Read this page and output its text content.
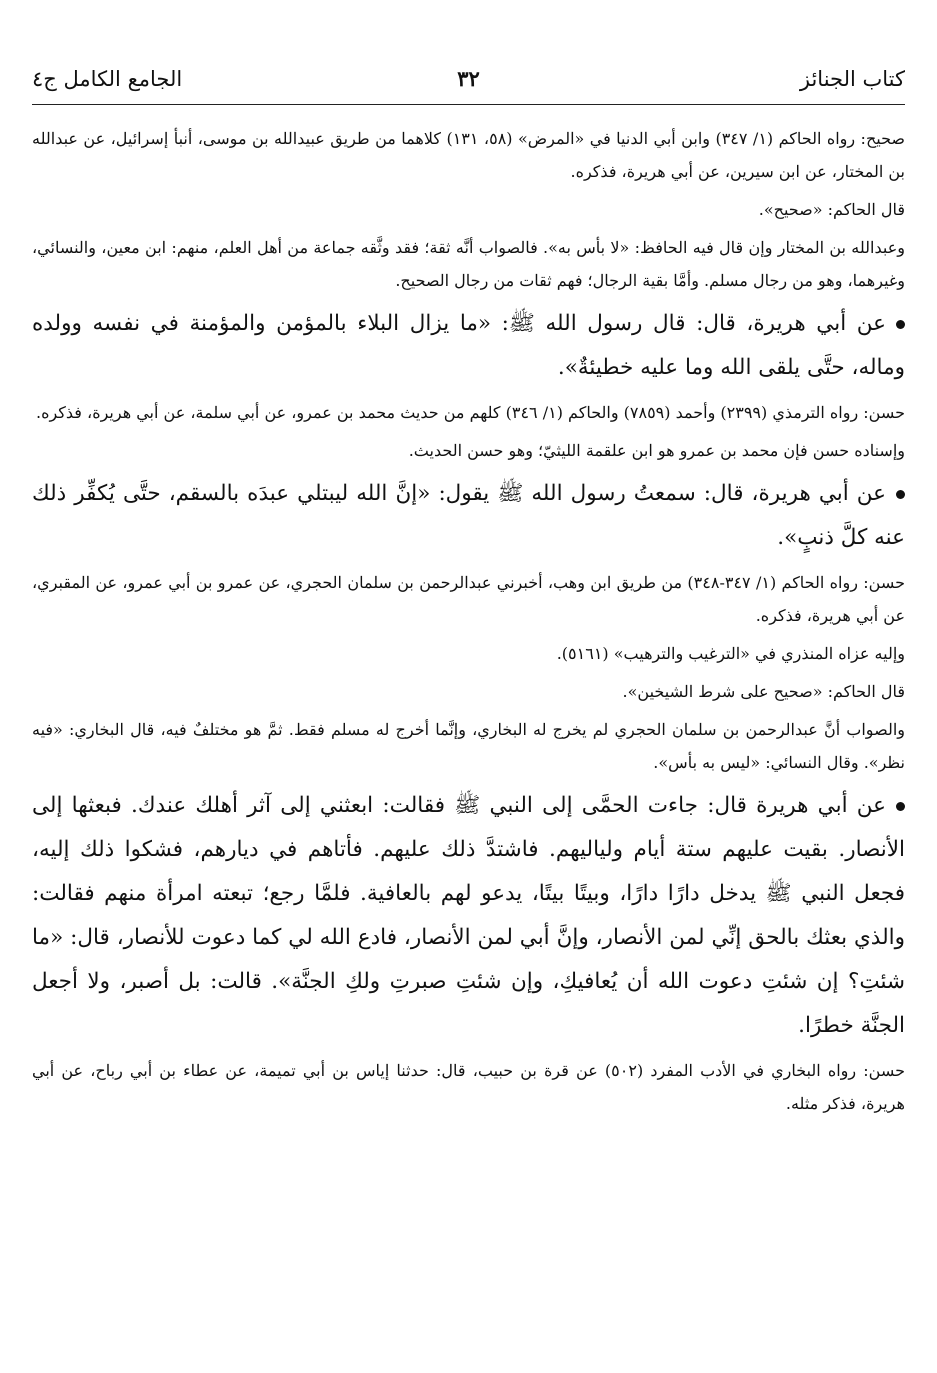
كتاب الجنائز
٣٢
الجامع الكامل ج٤

صحيح: رواه الحاكم (١/ ٣٤٧) وابن أبي الدنيا في «المرض» (٥٨، ١٣١) كلاهما من طريق عبيدالله بن موسى، أنبأ إسرائيل، عن عبدالله بن المختار، عن ابن سيرين، عن أبي هريرة، فذكره.

قال الحاكم: «صحيح».

وعبدالله بن المختار وإن قال فيه الحافظ: «لا بأس به». فالصواب أنَّه ثقة؛ فقد وثَّقه جماعة من أهل العلم، منهم: ابن معين، والنسائي، وغيرهما، وهو من رجال مسلم. وأمَّا بقية الرجال؛ فهم ثقات من رجال الصحيح.

عن أبي هريرة، قال: قال رسول الله ﷺ: «ما يزال البلاء بالمؤمن والمؤمنة في نفسه وولده وماله، حتَّى يلقى الله وما عليه خطيئةٌ».

حسن: رواه الترمذي (٢٣٩٩) وأحمد (٧٨٥٩) والحاكم (١/ ٣٤٦) كلهم من حديث محمد بن عمرو، عن أبي سلمة، عن أبي هريرة، فذكره.

وإسناده حسن فإن محمد بن عمرو هو ابن علقمة الليثيّ؛ وهو حسن الحديث.

عن أبي هريرة، قال: سمعتُ رسول الله ﷺ يقول: «إنَّ الله ليبتلي عبدَه بالسقم، حتَّى يُكفِّر ذلك عنه كلَّ ذنبٍ».

حسن: رواه الحاكم (١/ ٣٤٧-٣٤٨) من طريق ابن وهب، أخبرني عبدالرحمن بن سلمان الحجري، عن عمرو بن أبي عمرو، عن المقبري، عن أبي هريرة، فذكره.

وإليه عزاه المنذري في «الترغيب والترهيب» (٥١٦١).

قال الحاكم: «صحيح على شرط الشيخين».

والصواب أنَّ عبدالرحمن بن سلمان الحجري لم يخرج له البخاري، وإنَّما أخرج له مسلم فقط. ثمَّ هو مختلفٌ فيه، قال البخاري: «فيه نظر». وقال النسائي: «ليس به بأس».

عن أبي هريرة قال: جاءت الحمَّى إلى النبي ﷺ فقالت: ابعثني إلى آثر أهلك عندك. فبعثها إلى الأنصار. بقيت عليهم ستة أيام ولياليهم. فاشتدَّ ذلك عليهم. فأتاهم في ديارهم، فشكوا ذلك إليه، فجعل النبي ﷺ يدخل دارًا دارًا، وبيتًا بيتًا، يدعو لهم بالعافية. فلمَّا رجع؛ تبعته امرأة منهم فقالت: والذي بعثك بالحق إنِّي لمن الأنصار، وإنَّ أبي لمن الأنصار، فادع الله لي كما دعوت للأنصار، قال: «ما شئتِ؟ إن شئتِ دعوت الله أن يُعافيكِ، وإن شئتِ صبرتِ ولكِ الجنَّة». قالت: بل أصبر، ولا أجعل الجنَّة خطرًا.

حسن: رواه البخاري في الأدب المفرد (٥٠٢) عن قرة بن حبيب، قال: حدثنا إياس بن أبي تميمة، عن عطاء بن أبي رباح، عن أبي هريرة، فذكر مثله.
